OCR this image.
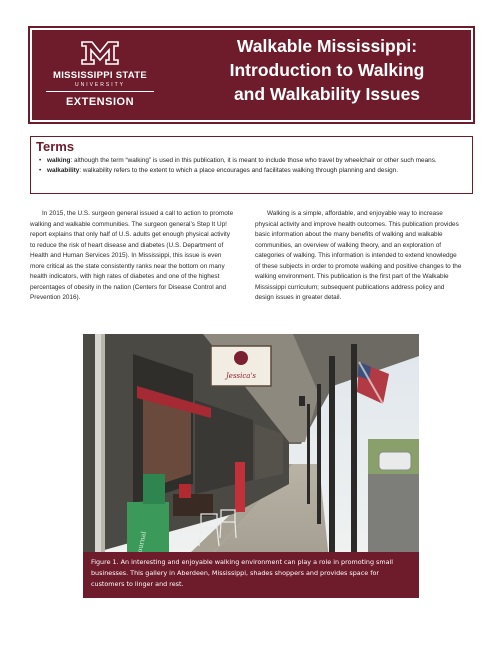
MISSISSIPPI STATE
UNIVERSITY
EXTENSION
Walkable Mississippi:
Introduction to Walking
and Walkability Issues
Terms
• walking: although the term “walking” is used in this publication, it is meant to include those who travel by wheelchair or other such means.
• walkability: walkability refers to the extent to which a place encourages and facilitates walking through planning and design.

In 2015, the U.S. surgeon general issued a call to action to promote walking and walkable communities. The surgeon general’s Step It Up! report explains that only half of U.S. adults get enough physical activity to reduce the risk of heart disease and diabetes (U.S. Department of Health and Human Services 2015). In Mississippi, this issue is even more critical as the state consistently ranks near the bottom on many health indicators, with high rates of diabetes and one of the highest percentages of obesity in the nation (Centers for Disease Control and Prevention 2016).

Walking is a simple, affordable, and enjoyable way to increase physical activity and improve health outcomes. This publication provides basic information about the many benefits of walking and walkable communities, an overview of walking theory, and an exploration of categories of walking. This information is intended to extend knowledge of these subjects in order to promote walking and positive changes to the walking environment. This publication is the first part of the Walkable Mississippi curriculum; subsequent publications address policy and design issues in greater detail.

Jessica's
Figure 1. An interesting and enjoyable walking environment can play a role in promoting small businesses. This gallery in Aberdeen, Mississippi, shades shoppers and provides space for customers to linger and rest.
